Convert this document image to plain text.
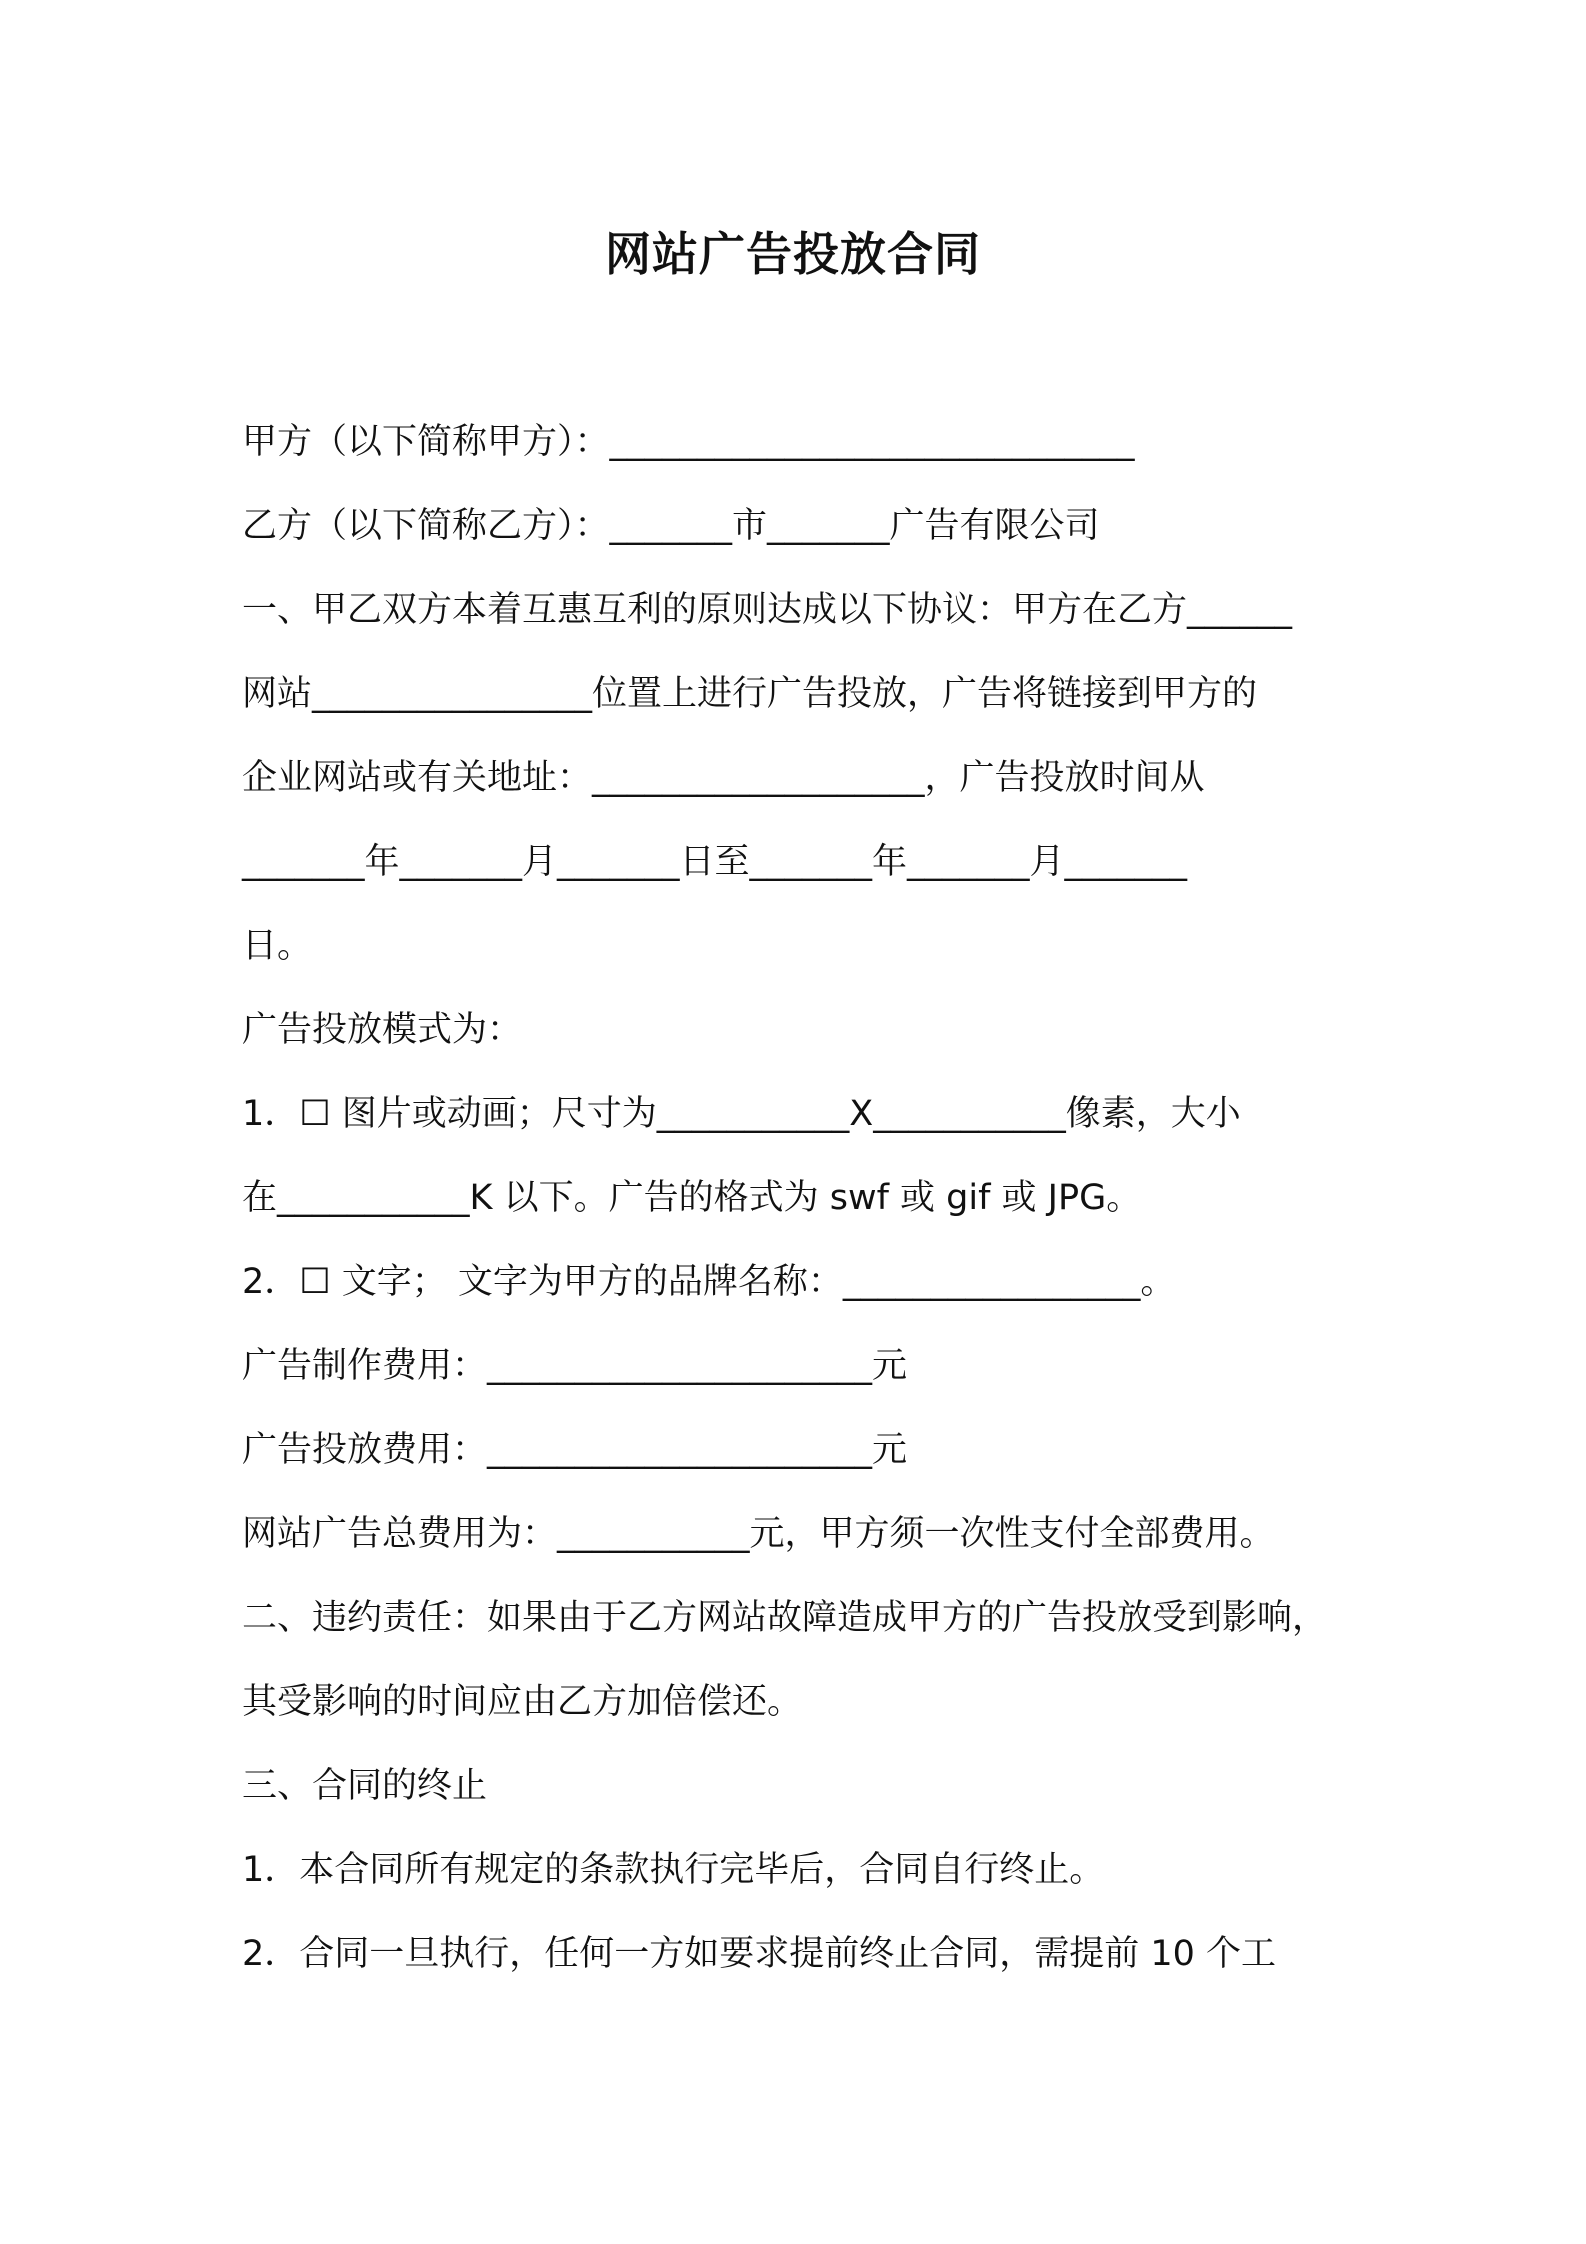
网站广告投放合同
甲方（以下简称甲方）：______________________________
乙方（以下简称乙方）：_______市_______广告有限公司
一、甲乙双方本着互惠互利的原则达成以下协议：甲方在乙方______
网站________________位置上进行广告投放，广告将链接到甲方的
企业网站或有关地址：___________________，广告投放时间从
_______年_______月_______日至_______年_______月_______
日。
广告投放模式为：
1．☐ 图片或动画；尺寸为___________X___________像素，大小
在___________K 以下。广告的格式为 swf 或 gif 或 JPG。
2．☐ 文字； 文字为甲方的品牌名称：_________________。
广告制作费用：______________________元
广告投放费用：______________________元
网站广告总费用为：___________元，甲方须一次性支付全部费用。
二、违约责任：如果由于乙方网站故障造成甲方的广告投放受到影响，
其受影响的时间应由乙方加倍偿还。
三、合同的终止
1．本合同所有规定的条款执行完毕后，合同自行终止。
2．合同一旦执行，任何一方如要求提前终止合同，需提前 10 个工
